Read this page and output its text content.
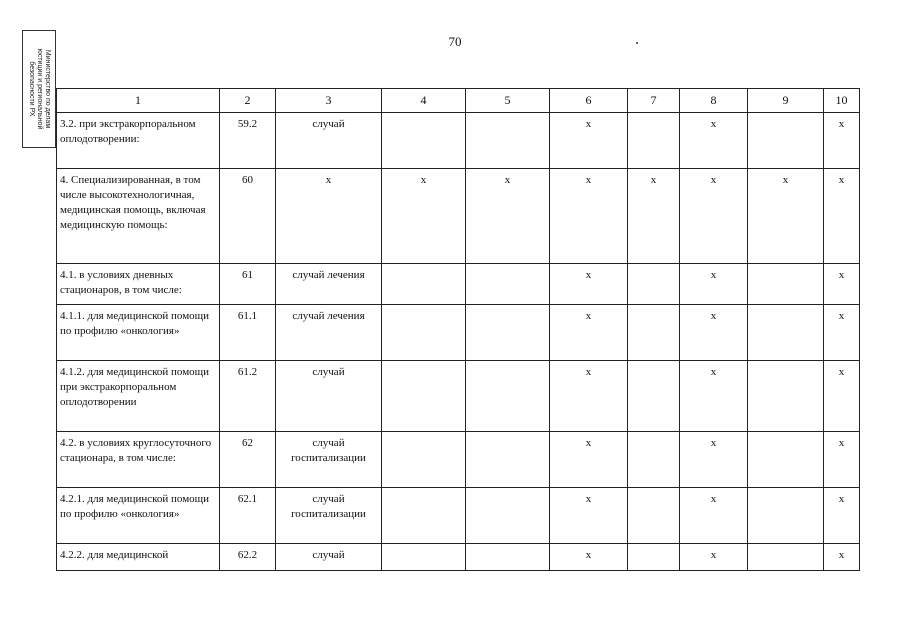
70
Министерство по делам
юстиции и региональной
безопасности РХ	1	2	3	4	5	6	7	8	9	10
3.2. при экстракорпоральном оплодотворении:	59.2	случай			x		x		x
4. Специализированная, в том числе высокотехнологичная, медицинская помощь, включая медицинскую помощь:	60	x	x	x	x	x	x	x	x
4.1. в условиях дневных стационаров, в том числе:	61	случай лечения			x		x		x
4.1.1. для медицинской помощи по профилю «онкология»	61.1	случай лечения			x		x		x
4.1.2. для медицинской помощи при экстракорпоральном оплодотворении	61.2	случай			x		x		x
4.2. в условиях круглосуточного стационара, в том числе:	62	случай госпитализации			x		x		x
4.2.1. для медицинской помощи по профилю «онкология»	62.1	случай госпитализации			x		x		x
4.2.2. для медицинской	62.2	случай			x		x		x
